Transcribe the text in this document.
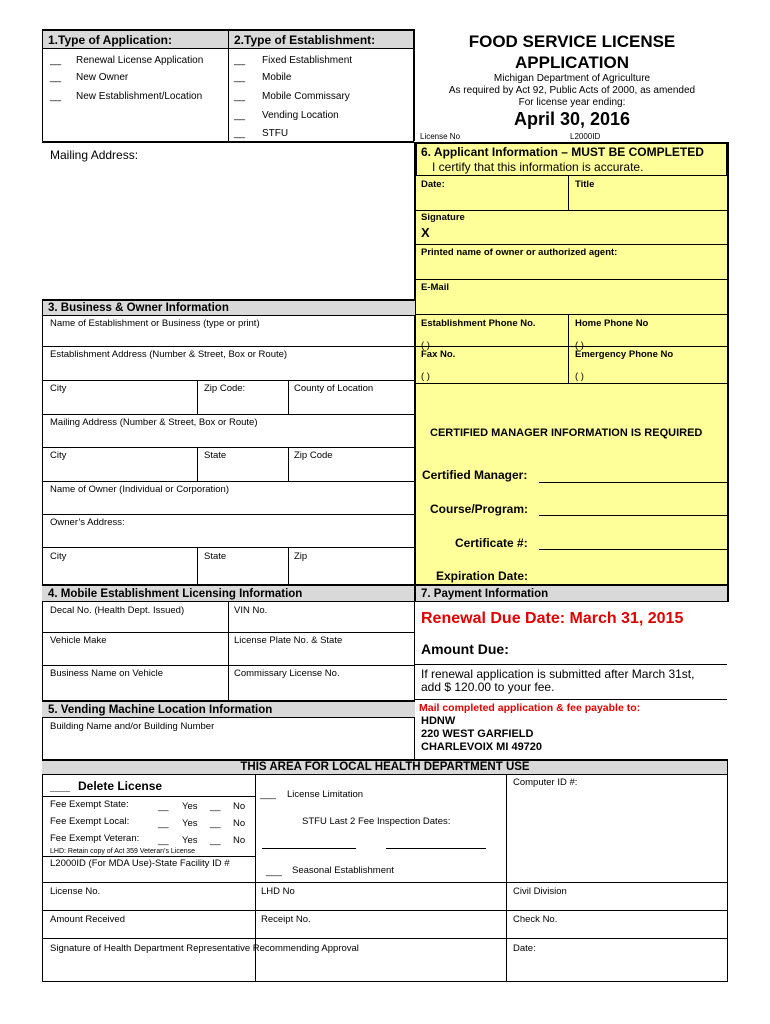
1.Type of Application:	2.Type of Establishment:
__ Renewal License Application
__ New Owner
__ New Establishment/Location
__ Fixed Establishment
__ Mobile
__ Mobile Commissary
__ Vending Location
__ STFU
FOOD SERVICE LICENSE
APPLICATION
Michigan Department of Agriculture
As required by Act 92, Public Acts of 2000, as amended
For license year ending:
April 30, 2016
License No	L2000ID
Mailing Address:	6. Applicant Information – MUST BE COMPLETED
I certify that this information is accurate.
Date:	Title
Signature
X
Printed name of owner or authorized agent:
E-Mail
Establishment Phone No.	Home Phone No
Fax No.	Emergency Phone No
( )	( )
CERTIFIED MANAGER INFORMATION IS REQUIRED
Certified Manager:
Course/Program:
Certificate #:
Expiration Date:
3. Business & Owner Information
Name of Establishment or Business (type or print)
Establishment Address (Number & Street, Box or Route)
City	Zip Code:	County of Location
Mailing Address (Number & Street, Box or Route)
City	State	Zip Code
Name of Owner (Individual or Corporation)
Owner’s Address:
City	State	Zip
4. Mobile Establishment Licensing Information	7. Payment Information
Decal No. (Health Dept. Issued)	VIN No.
Vehicle Make	License Plate No. & State
Business Name on Vehicle	Commissary License No.
Renewal Due Date: March 31, 2015
Amount Due:
If renewal application is submitted after March 31st,
add $ 120.00 to your fee.
Mail completed application & fee payable to:
HDNW
220 WEST GARFIELD
CHARLEVOIX MI 49720
5. Vending Machine Location Information
Building Name and/or Building Number
THIS AREA FOR LOCAL HEALTH DEPARTMENT USE
___ Delete License
Fee Exempt State:	__ Yes __ No
Fee Exempt Local:	__ Yes __ No
Fee Exempt Veteran: __ Yes __ No
LHD: Retain copy of Act 359 Veteran’s License
L2000ID (For MDA Use)-State Facility ID #
___ License Limitation
STFU Last 2 Fee Inspection Dates:
___ Seasonal Establishment
Computer ID #:
License No.	LHD No	Civil Division
Amount Received	Receipt No.	Check No.
Signature of Health Department Representative Recommending Approval	Date:
